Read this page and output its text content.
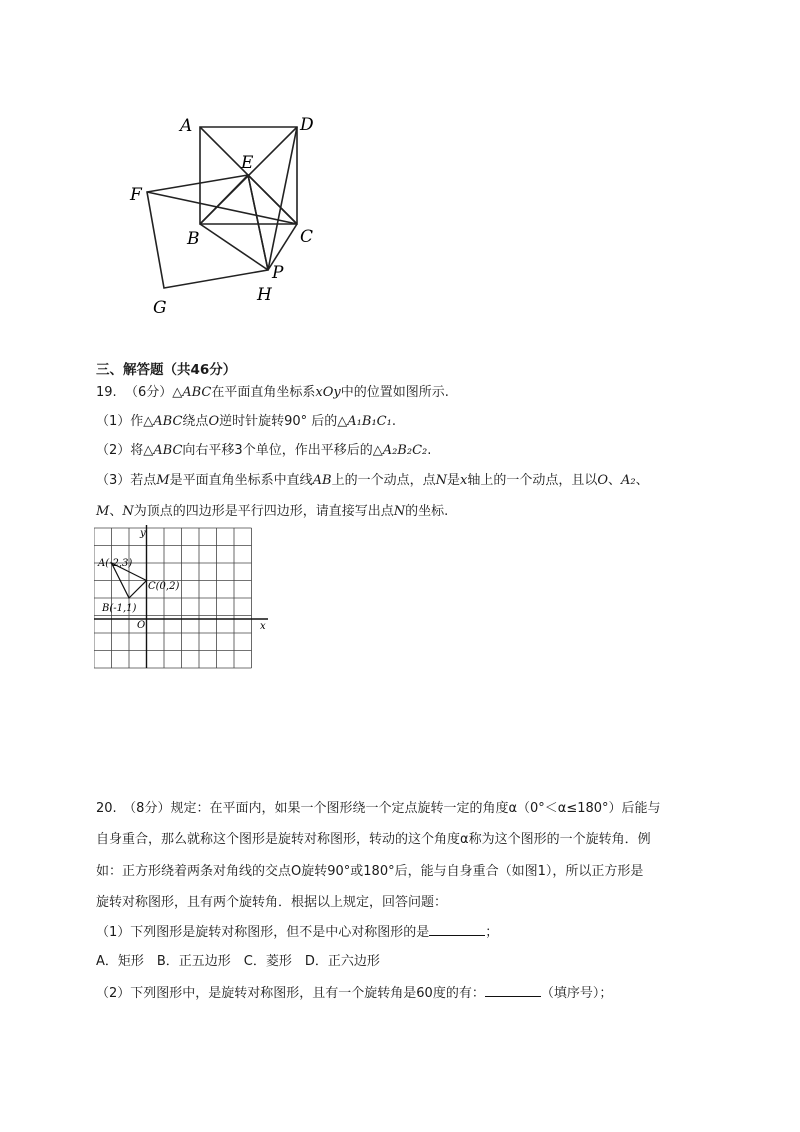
A	D
E
F
B	C
P
H
G
三、解答题（共46分）
19. （6分）△ABC在平面直角坐标系xOy中的位置如图所示.
（1）作△ABC绕点O逆时针旋转90° 后的△A₁B₁C₁.
（2）将△ABC向右平移3个单位，作出平移后的△A₂B₂C₂.
（3）若点M是平面直角坐标系中直线AB上的一个动点，点N是x轴上的一个动点，且以O、A₂、
M、N为顶点的四边形是平行四边形，请直接写出点N的坐标.
y
x
O
A(-2,3)
B(-1,1)
C(0,2)
20.　（8分）规定：在平面内，如果一个图形绕一个定点旋转一定的角度α（0°＜α≤180°）后能与
自身重合，那么就称这个图形是旋转对称图形，转动的这个角度α称为这个图形的一个旋转角．例
如：正方形绕着两条对角线的交点O旋转90°或180°后，能与自身重合（如图1），所以正方形是
旋转对称图形，且有两个旋转角．根据以上规定，回答问题：
（1）下列图形是旋转对称图形，但不是中心对称图形的是	；
A．矩形　B．正五边形　C．菱形　D．正六边形
（2）下列图形中，是旋转对称图形，且有一个旋转角是60度的有：	（填序号）；
